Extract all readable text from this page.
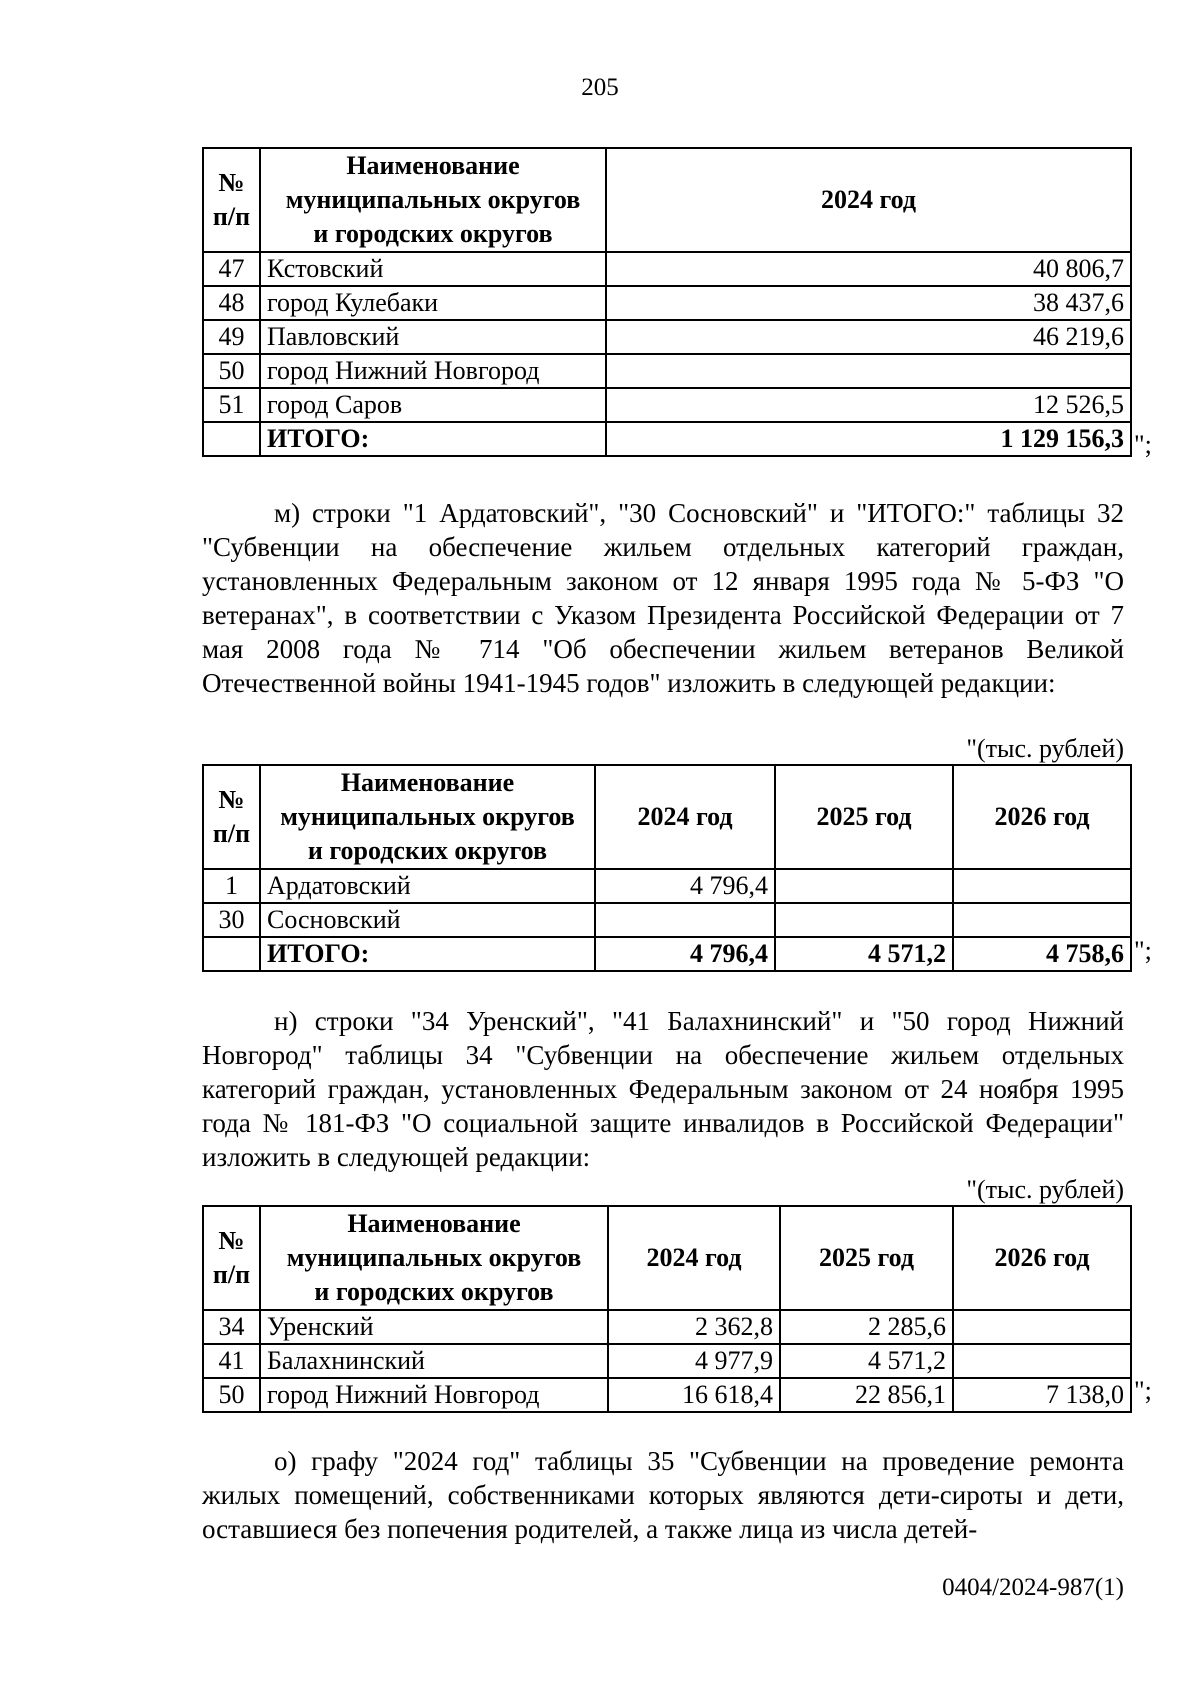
205
№
п/п	Наименование
муниципальных округов
и городских округов	2024 год
47	Кстовский	40 806,7
48	город Кулебаки	38 437,6
49	Павловский	46 219,6
50	город Нижний Новгород	
51	город Саров	12 526,5
	ИТОГО:	1 129 156,3 ";

м) строки "1 Ардатовский", "30 Сосновский" и "ИТОГО:" таблицы 32 "Субвенции на обеспечение жильем отдельных категорий граждан, установленных Федеральным законом от 12 января 1995 года № 5-ФЗ "О ветеранах", в соответствии с Указом Президента Российской Федерации от 7 мая 2008 года № 714 "Об обеспечении жильем ветеранов Великой Отечественной войны 1941-1945 годов" изложить в следующей редакции:

"(тыс. рублей)
№
п/п	Наименование
муниципальных округов
и городских округов	2024 год	2025 год	2026 год
1	Ардатовский	4 796,4		
30	Сосновский			
	ИТОГО:	4 796,4	4 571,2	4 758,6 ";

н) строки "34 Уренский", "41 Балахнинский" и "50 город Нижний Новгород" таблицы 34 "Субвенции на обеспечение жильем отдельных категорий граждан, установленных Федеральным законом от 24 ноября 1995 года № 181-ФЗ "О социальной защите инвалидов в Российской Федерации" изложить в следующей редакции:

"(тыс. рублей)
№
п/п	Наименование
муниципальных округов
и городских округов	2024 год	2025 год	2026 год
34	Уренский	2 362,8	2 285,6	
41	Балахнинский	4 977,9	4 571,2	
50	город Нижний Новгород	16 618,4	22 856,1	7 138,0 ";

о) графу "2024 год" таблицы 35 "Субвенции на проведение ремонта жилых помещений, собственниками которых являются дети-сироты и дети, оставшиеся без попечения родителей, а также лица из числа детей-

0404/2024-987(1)
